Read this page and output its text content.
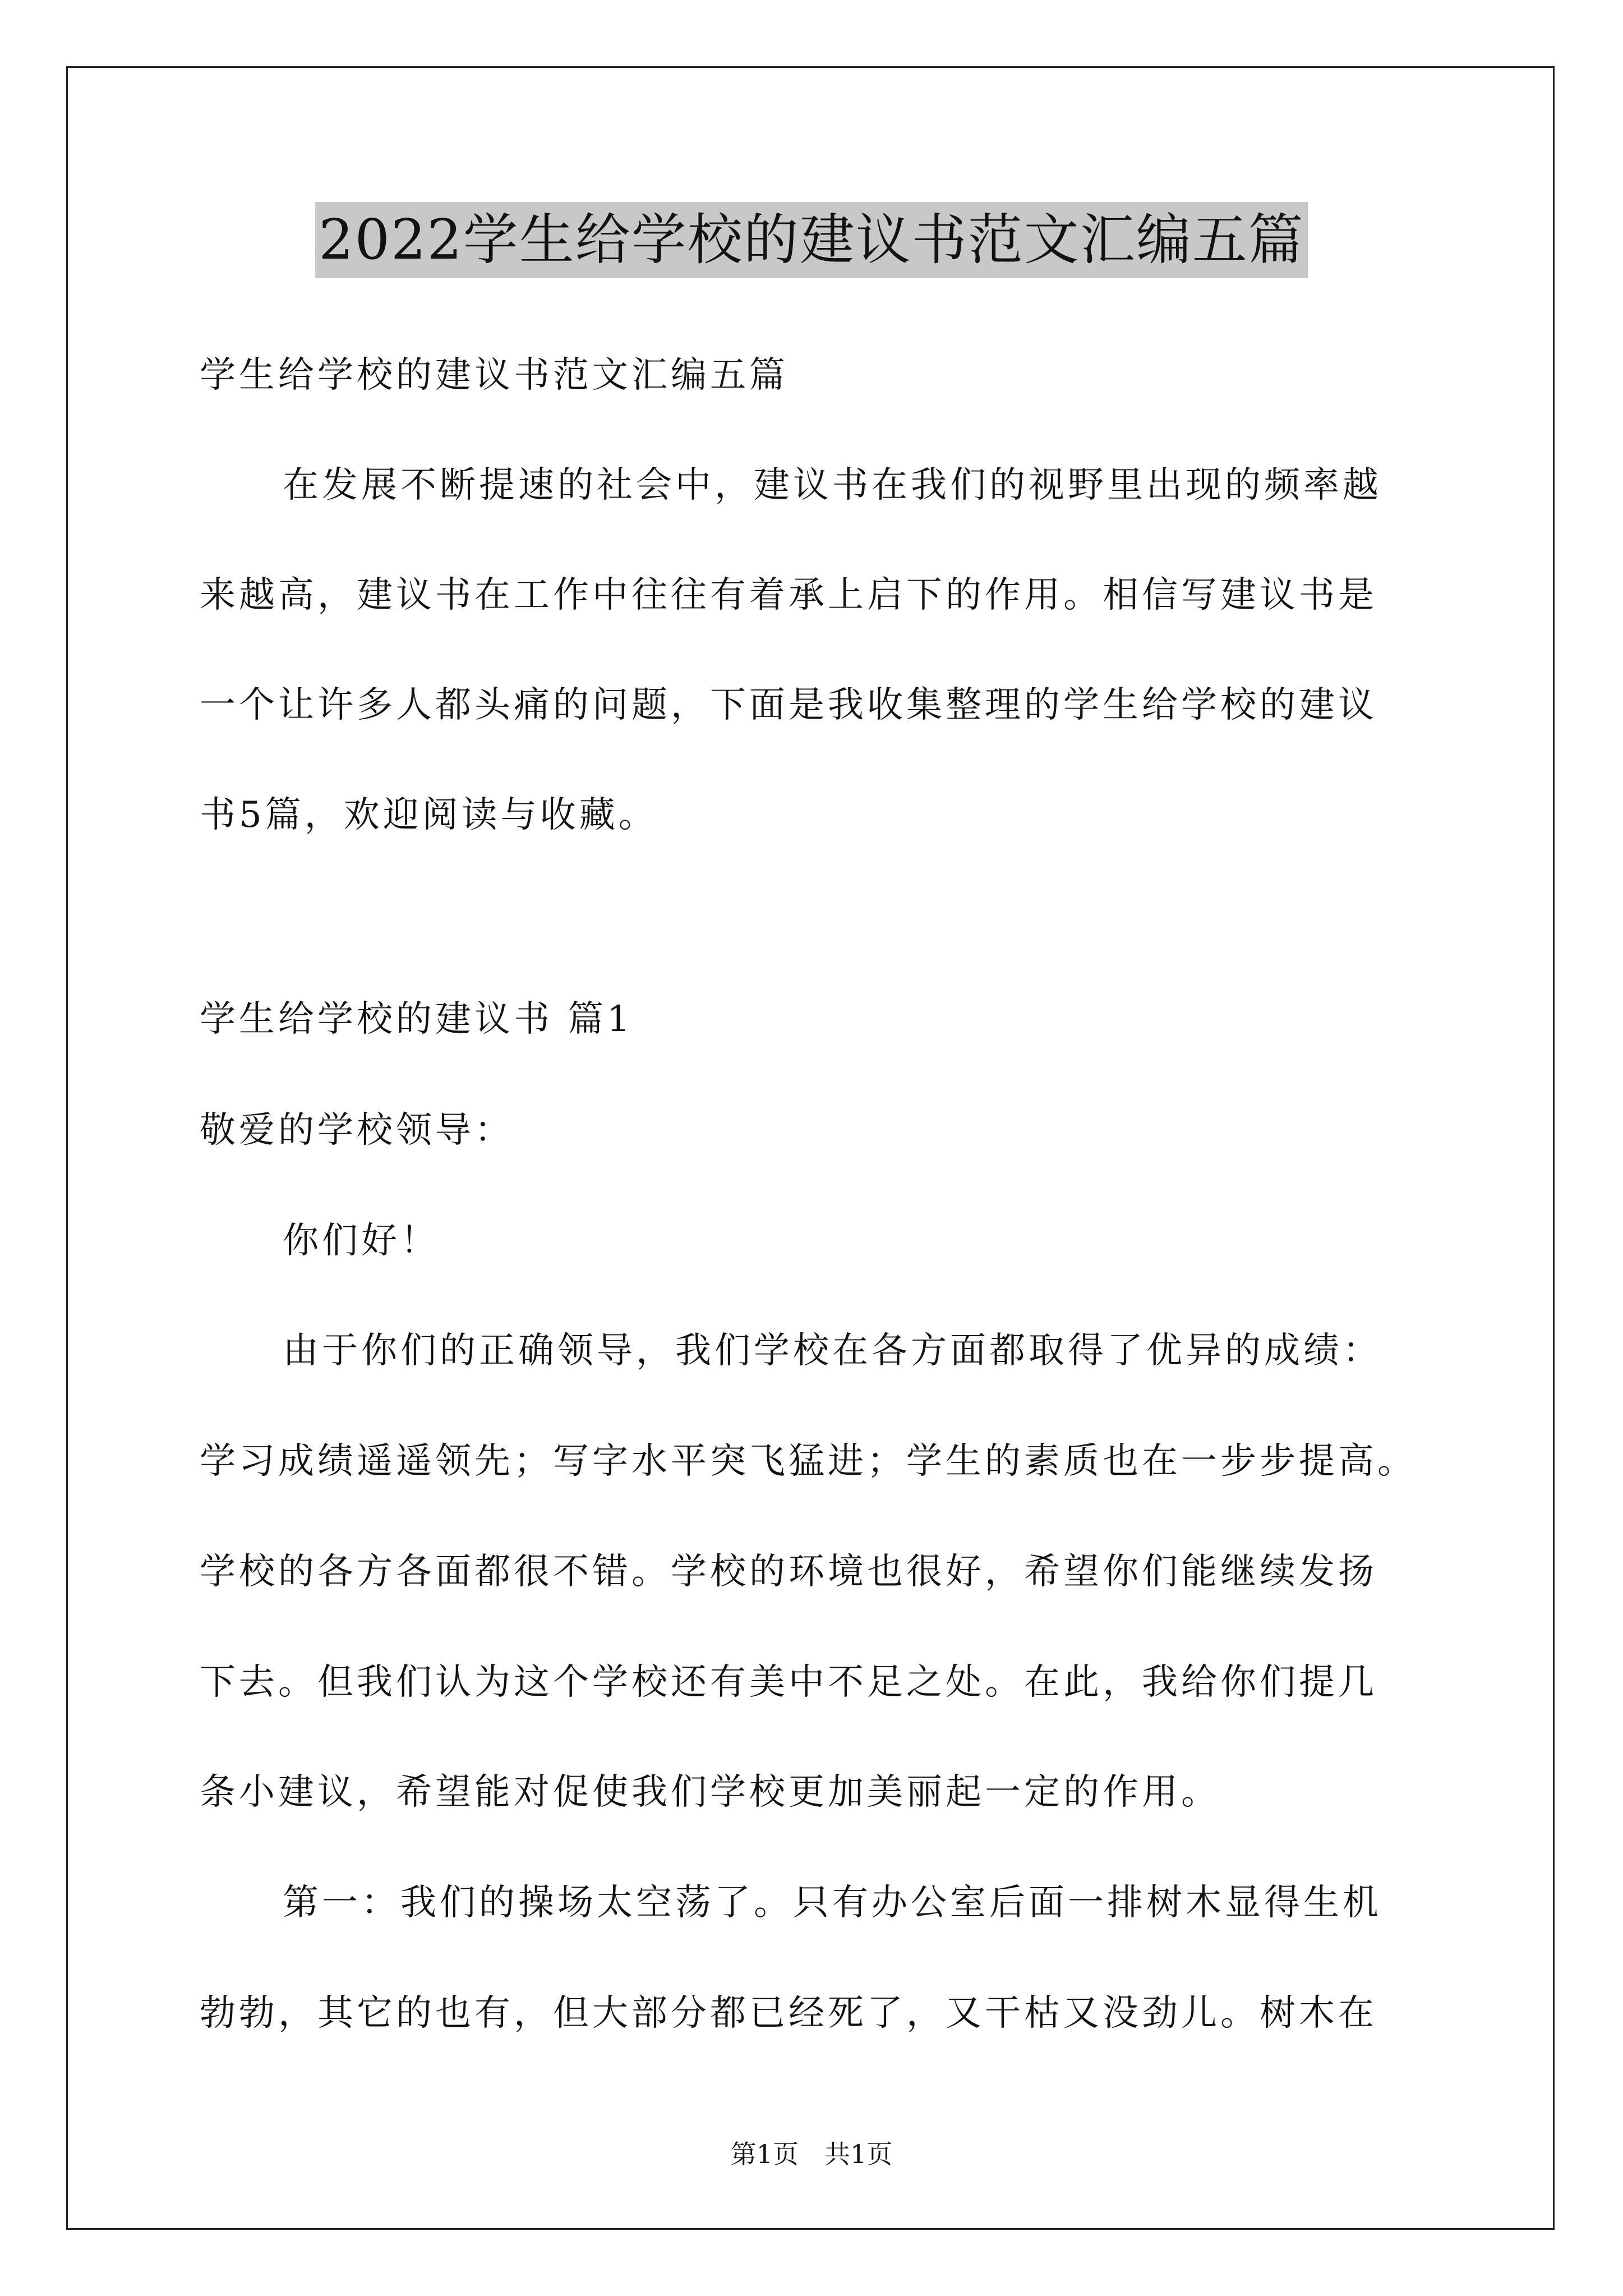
2022学生给学校的建议书范文汇编五篇
学生给学校的建议书范文汇编五篇
在发展不断提速的社会中，建议书在我们的视野里出现的频率越
来越高，建议书在工作中往往有着承上启下的作用。相信写建议书是
一个让许多人都头痛的问题，下面是我收集整理的学生给学校的建议
书5篇，欢迎阅读与收藏。
学生给学校的建议书 篇1
敬爱的学校领导：
你们好！
由于你们的正确领导，我们学校在各方面都取得了优异的成绩：
学习成绩遥遥领先；写字水平突飞猛进；学生的素质也在一步步提高。
学校的各方各面都很不错。学校的环境也很好，希望你们能继续发扬
下去。但我们认为这个学校还有美中不足之处。在此，我给你们提几
条小建议，希望能对促使我们学校更加美丽起一定的作用。
第一：我们的操场太空荡了。只有办公室后面一排树木显得生机
勃勃，其它的也有，但大部分都已经死了，又干枯又没劲儿。树木在
第1页　共1页
